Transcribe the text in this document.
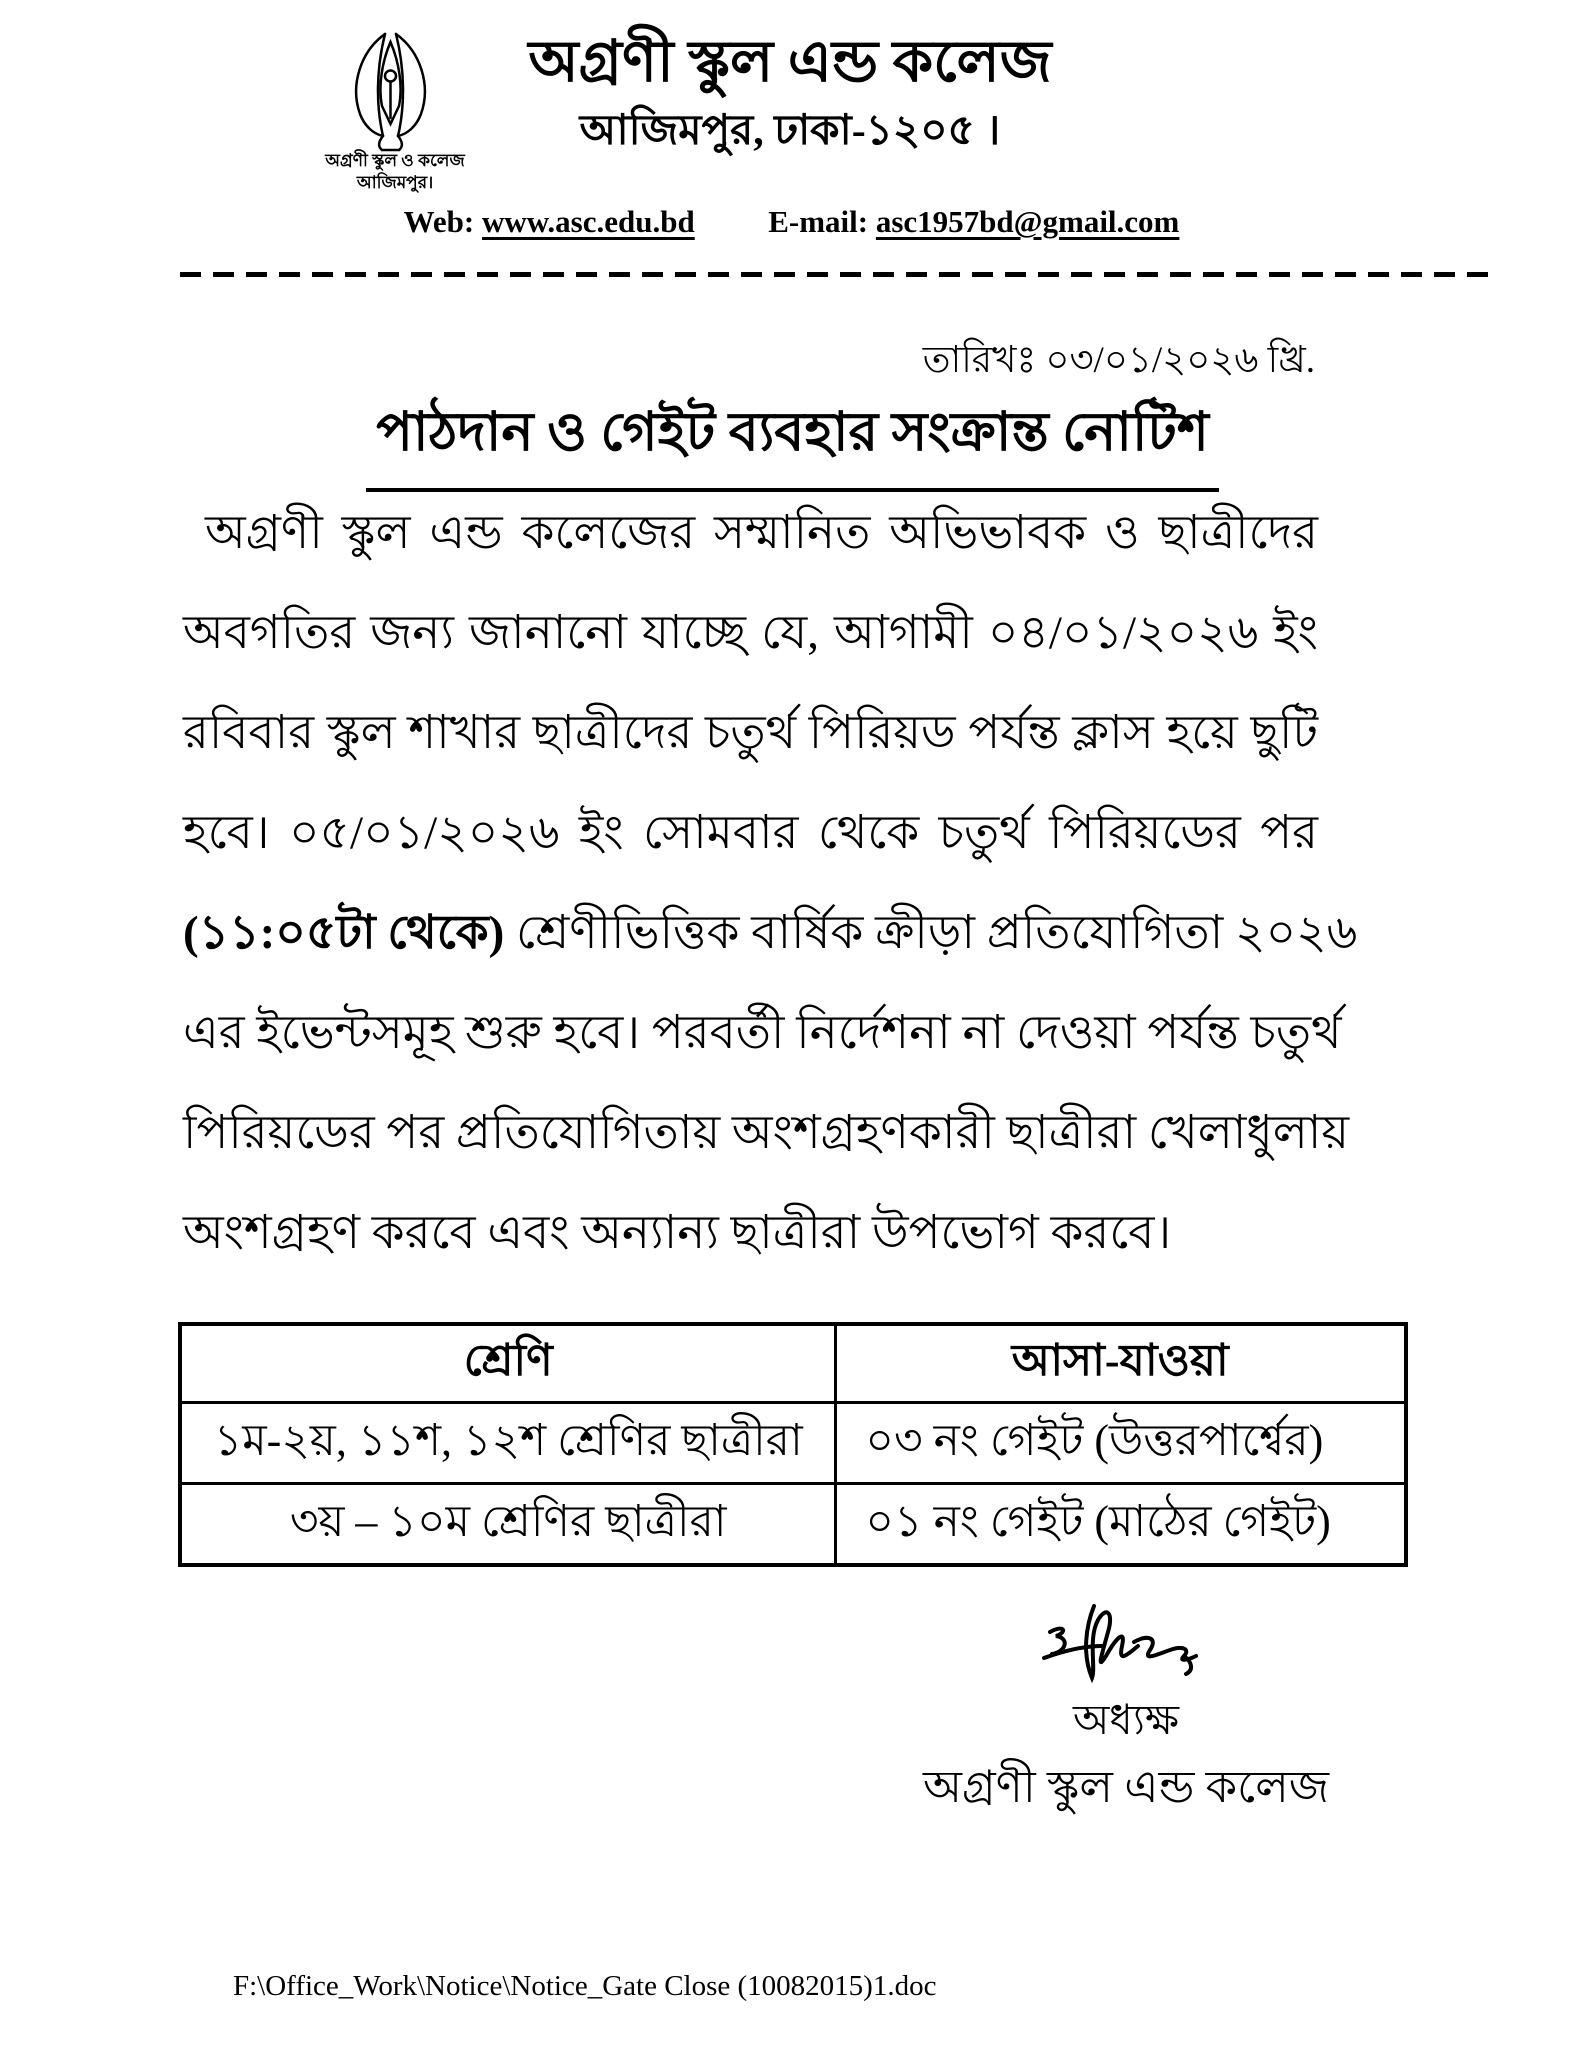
অগ্রণী স্কুল ও কলেজ
আজিমপুর।
অগ্রণী স্কুল এন্ড কলেজ
আজিমপুর, ঢাকা-১২০৫ ।
Web: www.asc.edu.bd E-mail: asc1957bd@gmail.com
তারিখঃ ০৩/০১/২০২৬ খ্রি.
পাঠদান ও গেইট ব্যবহার সংক্রান্ত নোটিশ
অগ্রণী স্কুল এন্ড কলেজের সম্মানিত অভিভাবক ও ছাত্রীদের
অবগতির জন্য জানানো যাচ্ছে যে, আগামী ০৪/০১/২০২৬ ইং
রবিবার স্কুল শাখার ছাত্রীদের চতুর্থ পিরিয়ড পর্যন্ত ক্লাস হয়ে ছুটি
হবে। ০৫/০১/২০২৬ ইং সোমবার থেকে চতুর্থ পিরিয়ডের পর
(১১:০৫টা থেকে) শ্রেণীভিত্তিক বার্ষিক ক্রীড়া প্রতিযোগিতা ২০২৬
এর ইভেন্টসমূহ শুরু হবে। পরবর্তী নির্দেশনা না দেওয়া পর্যন্ত চতুর্থ
পিরিয়ডের পর প্রতিযোগিতায় অংশগ্রহণকারী ছাত্রীরা খেলাধুলায়
অংশগ্রহণ করবে এবং অন্যান্য ছাত্রীরা উপভোগ করবে।
শ্রেণি	আসা-যাওয়া
১ম-২য়, ১১শ, ১২শ শ্রেণির ছাত্রীরা	০৩ নং গেইট (উত্তরপার্শ্বের)
৩য় – ১০ম শ্রেণির ছাত্রীরা	০১ নং গেইট (মাঠের গেইট)
অধ্যক্ষ
অগ্রণী স্কুল এন্ড কলেজ
F:\Office_Work\Notice\Notice_Gate Close (10082015)1.doc
